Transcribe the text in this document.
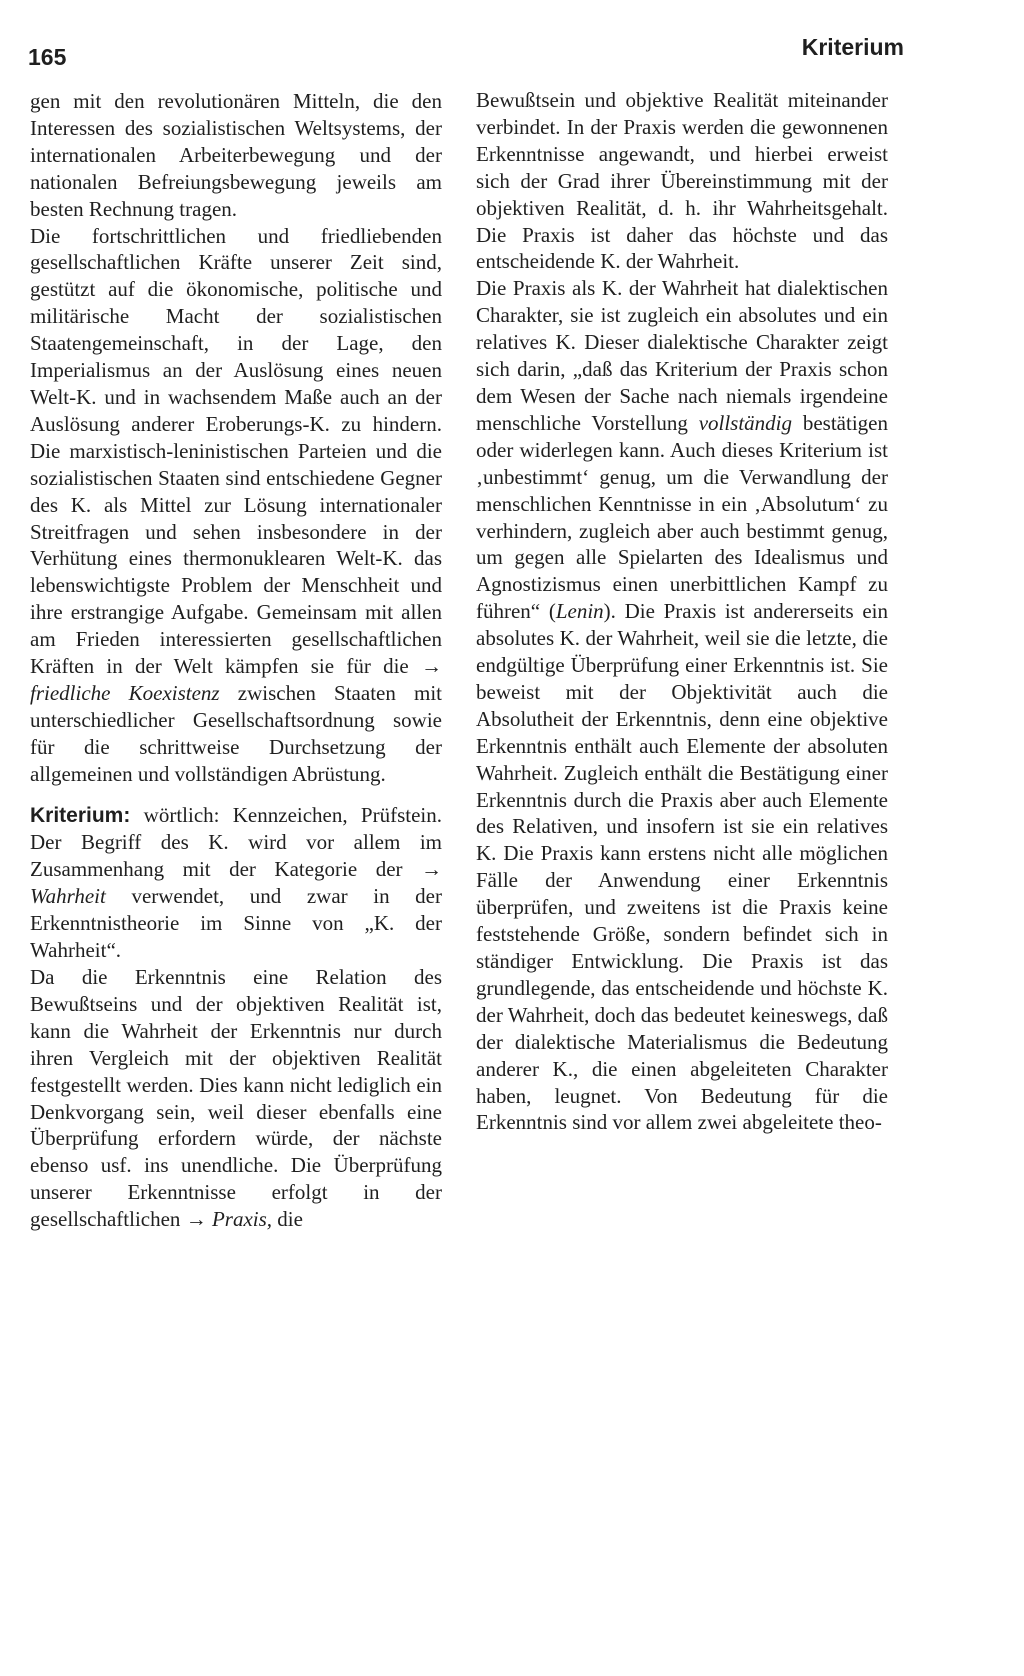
165	Kriterium

gen mit den revolutionären Mitteln, die den Interessen des sozialistischen Weltsystems, der internationalen Arbeiterbewegung und der nationalen Befreiungsbewegung jeweils am besten Rechnung tragen.

Die fortschrittlichen und friedliebenden gesellschaftlichen Kräfte unserer Zeit sind, gestützt auf die ökonomische, politische und militärische Macht der sozialistischen Staatengemeinschaft, in der Lage, den Imperialismus an der Auslösung eines neuen Welt-K. und in wachsendem Maße auch an der Auslösung anderer Eroberungs-K. zu hindern. Die marxistisch-leninistischen Parteien und die sozialistischen Staaten sind entschiedene Gegner des K. als Mittel zur Lösung internationaler Streitfragen und sehen insbesondere in der Verhütung eines thermonuklearen Welt-K. das lebenswichtigste Problem der Menschheit und ihre erstrangige Aufgabe. Gemeinsam mit allen am Frieden interessierten gesellschaftlichen Kräften in der Welt kämpfen sie für die → friedliche Koexistenz zwischen Staaten mit unterschiedlicher Gesellschaftsordnung sowie für die schrittweise Durchsetzung der allgemeinen und vollständigen Abrüstung.

Kriterium: wörtlich: Kennzeichen, Prüfstein. Der Begriff des K. wird vor allem im Zusammenhang mit der Kategorie der → Wahrheit verwendet, und zwar in der Erkenntnistheorie im Sinne von „K. der Wahrheit“.

Da die Erkenntnis eine Relation des Bewußtseins und der objektiven Realität ist, kann die Wahrheit der Erkenntnis nur durch ihren Vergleich mit der objektiven Realität festgestellt werden. Dies kann nicht lediglich ein Denkvorgang sein, weil dieser ebenfalls eine Überprüfung erfordern würde, der nächste ebenso usf. ins unendliche. Die Überprüfung unserer Erkenntnisse erfolgt in der gesellschaftlichen → Praxis, die

Bewußtsein und objektive Realität miteinander verbindet. In der Praxis werden die gewonnenen Erkenntnisse angewandt, und hierbei erweist sich der Grad ihrer Übereinstimmung mit der objektiven Realität, d. h. ihr Wahrheitsgehalt. Die Praxis ist daher das höchste und das entscheidende K. der Wahrheit.

Die Praxis als K. der Wahrheit hat dialektischen Charakter, sie ist zugleich ein absolutes und ein relatives K. Dieser dialektische Charakter zeigt sich darin, „daß das Kriterium der Praxis schon dem Wesen der Sache nach niemals irgendeine menschliche Vorstellung vollständig bestätigen oder widerlegen kann. Auch dieses Kriterium ist ‚unbestimmt‘ genug, um die Verwandlung der menschlichen Kenntnisse in ein ‚Absolutum‘ zu verhindern, zugleich aber auch bestimmt genug, um gegen alle Spielarten des Idealismus und Agnostizismus einen unerbittlichen Kampf zu führen“ (Lenin). Die Praxis ist andererseits ein absolutes K. der Wahrheit, weil sie die letzte, die endgültige Überprüfung einer Erkenntnis ist. Sie beweist mit der Objektivität auch die Absolutheit der Erkenntnis, denn eine objektive Erkenntnis enthält auch Elemente der absoluten Wahrheit. Zugleich enthält die Bestätigung einer Erkenntnis durch die Praxis aber auch Elemente des Relativen, und insofern ist sie ein relatives K. Die Praxis kann erstens nicht alle möglichen Fälle der Anwendung einer Erkenntnis überprüfen, und zweitens ist die Praxis keine feststehende Größe, sondern befindet sich in ständiger Entwicklung. Die Praxis ist das grundlegende, das entscheidende und höchste K. der Wahrheit, doch das bedeutet keineswegs, daß der dialektische Materialismus die Bedeutung anderer K., die einen abgeleiteten Charakter haben, leugnet. Von Bedeutung für die Erkenntnis sind vor allem zwei abgeleitete theo-
